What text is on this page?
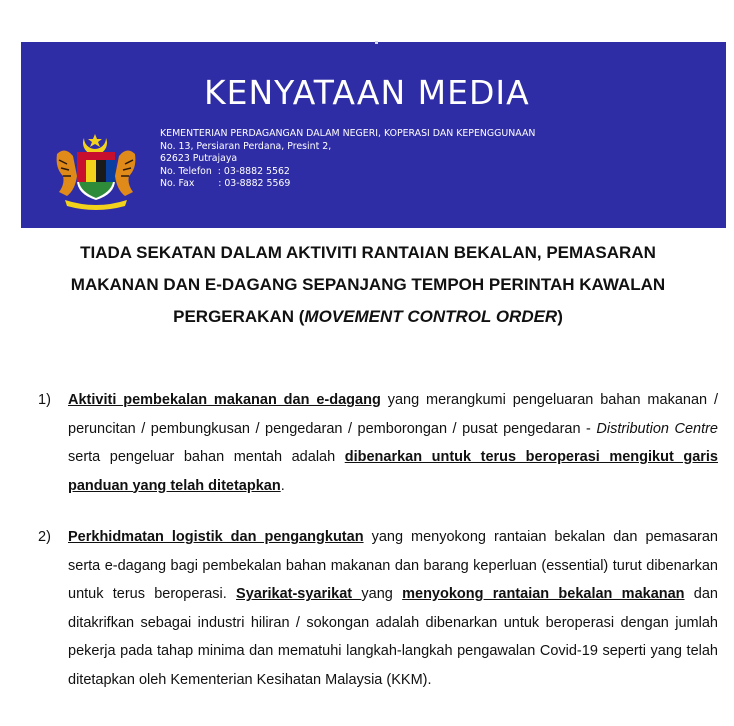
KENYATAAN MEDIA
KEMENTERIAN PERDAGANGAN DALAM NEGERI, KOPERASI DAN KEPENGGUNAAN
No. 13, Persiaran Perdana, Presint 2,
62623 Putrajaya
No. Telefon  : 03-8882 5562
No. Fax        : 03-8882 5569
TIADA SEKATAN DALAM AKTIVITI RANTAIAN BEKALAN, PEMASARAN
MAKANAN DAN E-DAGANG SEPANJANG TEMPOH PERINTAH KAWALAN
PERGERAKAN (MOVEMENT CONTROL ORDER)
1) Aktiviti pembekalan makanan dan e-dagang yang merangkumi pengeluaran bahan makanan / peruncitan / pembungkusan / pengedaran / pemborongan / pusat pengedaran - Distribution Centre serta pengeluar bahan mentah adalah dibenarkan untuk terus beroperasi mengikut garis panduan yang telah ditetapkan.
2) Perkhidmatan logistik dan pengangkutan yang menyokong rantaian bekalan dan pemasaran serta e-dagang bagi pembekalan bahan makanan dan barang keperluan (essential) turut dibenarkan untuk terus beroperasi. Syarikat-syarikat yang menyokong rantaian bekalan makanan dan ditakrifkan sebagai industri hiliran / sokongan adalah dibenarkan untuk beroperasi dengan jumlah pekerja pada tahap minima dan mematuhi langkah-langkah pengawalan Covid-19 seperti yang telah ditetapkan oleh Kementerian Kesihatan Malaysia (KKM).
